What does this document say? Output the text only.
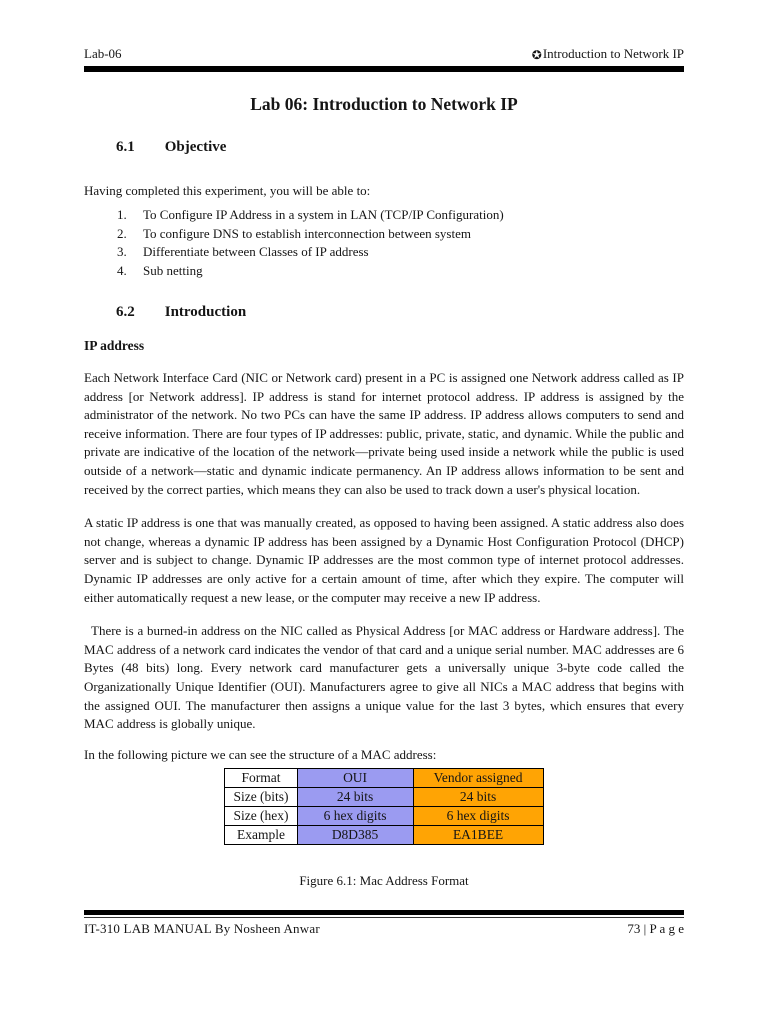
Lab-06	✪ Introduction to Network IP
Lab 06: Introduction to Network IP
6.1 Objective
Having completed this experiment, you will be able to:
1. To Configure IP Address in a system in LAN (TCP/IP Configuration)
2. To configure DNS to establish interconnection between system
3. Differentiate between Classes of IP address
4. Sub netting
6.2 Introduction
IP address

Each Network Interface Card (NIC or Network card) present in a PC is assigned one Network address called as IP address [or Network address]. IP address is stand for internet protocol address. IP address is assigned by the administrator of the network. No two PCs can have the same IP address. IP address allows computers to send and receive information. There are four types of IP addresses: public, private, static, and dynamic. While the public and private are indicative of the location of the network—private being used inside a network while the public is used outside of a network—static and dynamic indicate permanency. An IP address allows information to be sent and received by the correct parties, which means they can also be used to track down a user's physical location.

A static IP address is one that was manually created, as opposed to having been assigned. A static address also does not change, whereas a dynamic IP address has been assigned by a Dynamic Host Configuration Protocol (DHCP) server and is subject to change. Dynamic IP addresses are the most common type of internet protocol addresses. Dynamic IP addresses are only active for a certain amount of time, after which they expire. The computer will either automatically request a new lease, or the computer may receive a new IP address.

There is a burned-in address on the NIC called as Physical Address [or MAC address or Hardware address]. The MAC address of a network card indicates the vendor of that card and a unique serial number. MAC addresses are 6 Bytes (48 bits) long. Every network card manufacturer gets a universally unique 3-byte code called the Organizationally Unique Identifier (OUI). Manufacturers agree to give all NICs a MAC address that begins with the assigned OUI. The manufacturer then assigns a unique value for the last 3 bytes, which ensures that every MAC address is globally unique.

In the following picture we can see the structure of a MAC address:

Format	OUI	Vendor assigned
Size (bits)	24 bits	24 bits
Size (hex)	6 hex digits	6 hex digits
Example	D8D385	EA1BEE
Figure 6.1: Mac Address Format
IT-310 LAB MANUAL By Nosheen Anwar	73 | P a g e
